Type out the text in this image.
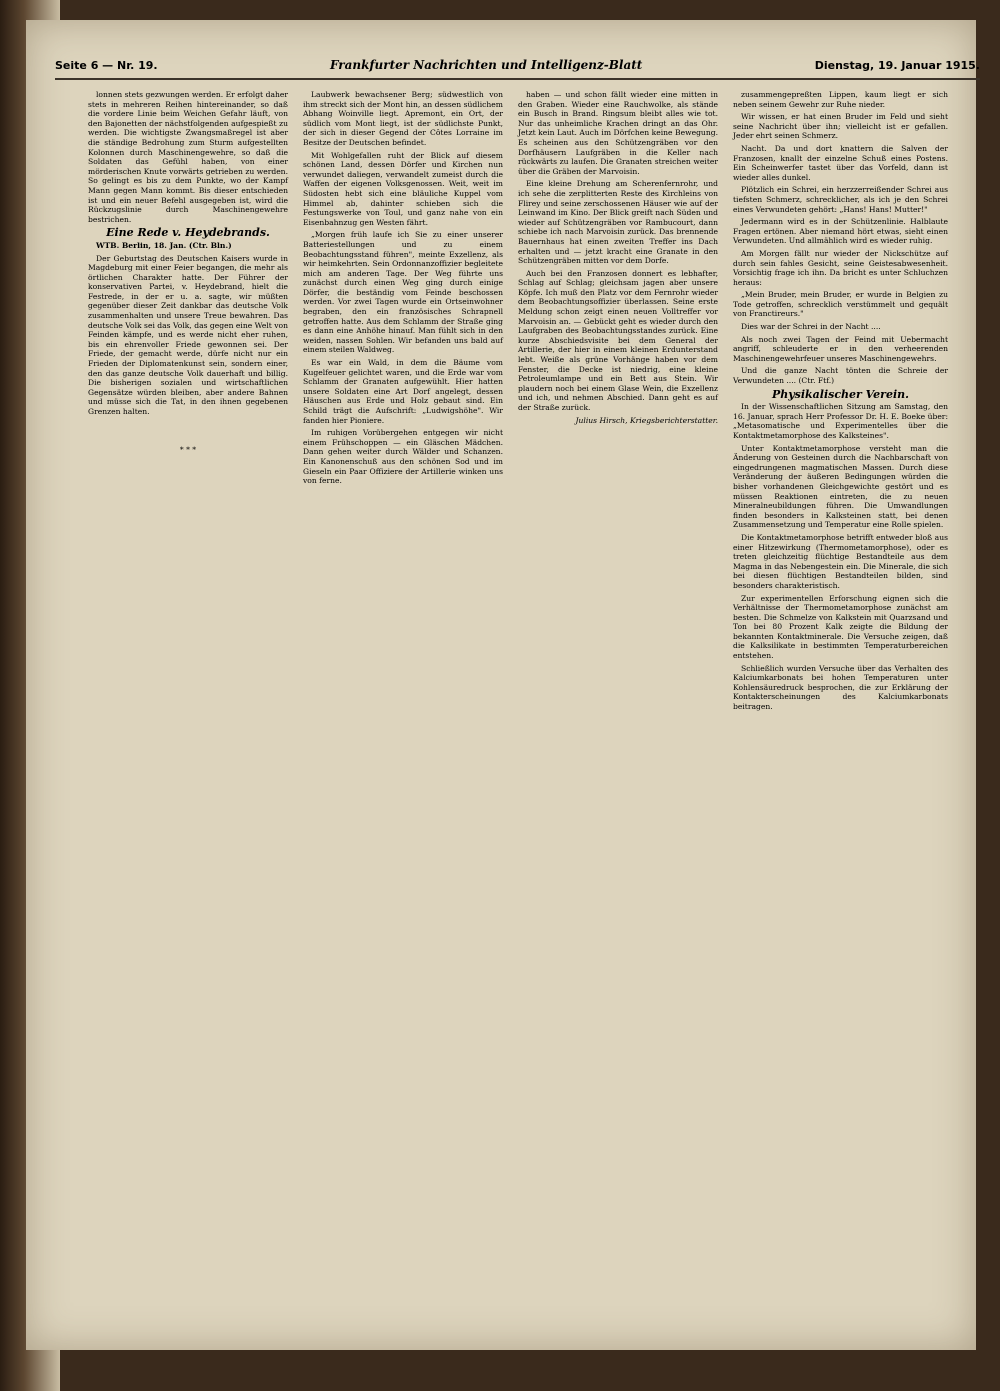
Seite 6 — Nr. 19.	Frankfurter Nachrichten und Intelligenz-Blatt	Dienstag, 19. Januar 1915.

lonnen stets gezwungen werden. Er erfolgt daher stets in mehreren Reihen hintereinander, so daß die vordere Linie beim Weichen Gefahr läuft, von den Bajonetten der nächstfolgenden aufgespießt zu werden. Die wichtigste Zwangsmaßregel ist aber die ständige Bedrohung zum Sturm aufgestellten Kolonnen durch Maschinengewehre, so daß die Soldaten das Gefühl haben, von einer mörderischen Knute vorwärts getrieben zu werden. So gelingt es bis zu dem Punkte, wo der Kampf Mann gegen Mann kommt. Bis dieser entschieden ist und ein neuer Befehl ausgegeben ist, wird die Rückzugslinie durch Maschinengewehre bestrichen.

Eine Rede v. Heydebrands.

WTB. Berlin, 18. Jan. (Ctr. Bln.)

Der Geburtstag des Deutschen Kaisers wurde in Magdeburg mit einer Feier begangen, die mehr als örtlichen Charakter hatte. Der Führer der konservativen Partei, v. Heydebrand, hielt die Festrede, in der er u. a. sagte, wir müßten gegenüber dieser Zeit dankbar das deutsche Volk zusammenhalten und unsere Treue bewahren. Das deutsche Volk sei das Volk, das gegen eine Welt von Feinden kämpfe, und es werde nicht eher ruhen, bis ein ehrenvoller Friede gewonnen sei. Der Friede, der gemacht werde, dürfe nicht nur ein Frieden der Diplomatenkunst sein, sondern einer, den das ganze deutsche Volk dauerhaft und billig. Die bisherigen sozialen und wirtschaftlichen Gegensätze würden bleiben, aber andere Bahnen und müsse sich die Tat, in den ihnen gegebenen Grenzen halten.

* * *

Laubwerk bewachsener Berg; südwestlich von ihm streckt sich der Mont hin, an dessen südlichem Abhang Woinville liegt. Apremont, ein Ort, der südlich vom Mont liegt, ist der südlichste Punkt, der sich in dieser Gegend der Côtes Lorraine im Besitze der Deutschen befindet.

Mit Wohlgefallen ruht der Blick auf diesem schönen Land, dessen Dörfer und Kirchen nun verwundet daliegen, verwandelt zumeist durch die Waffen der eigenen Volksgenossen. Weit, weit im Südosten hebt sich eine bläuliche Kuppel vom Himmel ab, dahinter schieben sich die Festungswerke von Toul, und ganz nahe von ein Eisenbahnzug gen Westen fährt.

„Morgen früh laufe ich Sie zu einer unserer Batteriestellungen und zu einem Beobachtungsstand führen", meinte Exzellenz, als wir heimkehrten. Sein Ordonnanzoffizier begleitete mich am anderen Tage. Der Weg führte uns zunächst durch einen Weg ging durch einige Dörfer, die beständig vom Feinde beschossen werden. Vor zwei Tagen wurde ein Ortseinwohner begraben, den ein französisches Schrapnell getroffen hatte. Aus dem Schlamm der Straße ging es dann eine Anhöhe hinauf. Man fühlt sich in den weiden, nassen Sohlen. Wir befanden uns bald auf einem steilen Waldweg.

Es war ein Wald, in dem die Bäume vom Kugelfeuer gelichtet waren, und die Erde war vom Schlamm der Granaten aufgewühlt. Hier hatten unsere Soldaten eine Art Dorf angelegt, dessen Häuschen aus Erde und Holz gebaut sind. Ein Schild trägt die Aufschrift: „Ludwigshöhe". Wir fanden hier Pioniere.

Im ruhigen Vorübergehen entgegen wir nicht einem Frühschoppen — ein Gläschen Mädchen. Dann gehen weiter durch Wälder und Schanzen. Ein Kanonenschuß aus den schönen Sod und im Gieseln ein Paar Offiziere der Artillerie winken uns von ferne.

haben — und schon fällt wieder eine mitten in den Graben. Wieder eine Rauchwolke, als stände ein Busch in Brand. Ringsum bleibt alles wie tot. Nur das unheimliche Krachen dringt an das Ohr. Jetzt kein Laut. Auch im Dörfchen keine Bewegung. Es scheinen aus den Schützengräben vor den Dorfhäusern Laufgräben in die Keller nach rückwärts zu laufen. Die Granaten streichen weiter über die Gräben der Marvoisin.

Eine kleine Drehung am Scherenfernrohr, und ich sehe die zerplitterten Reste des Kirchleins von Flirey und seine zerschossenen Häuser wie auf der Leinwand im Kino. Der Blick greift nach Süden und wieder auf Schützengräben vor Rambucourt, dann schiebe ich nach Marvoisin zurück. Das brennende Bauernhaus hat einen zweiten Treffer ins Dach erhalten und — jetzt kracht eine Granate in den Schützengräben mitten vor dem Dorfe.

Auch bei den Franzosen donnert es lebhafter, Schlag auf Schlag; gleichsam jagen aber unsere Köpfe. Ich muß den Platz vor dem Fernrohr wieder dem Beobachtungsoffizier überlassen. Seine erste Meldung schon zeigt einen neuen Volltreffer vor Marvoisin an. — Gebückt geht es wieder durch den Laufgraben des Beobachtungsstandes zurück. Eine kurze Abschiedsvisite bei dem General der Artillerie, der hier in einem kleinen Erdunterstand lebt. Weiße als grüne Vorhänge haben vor dem Fenster, die Decke ist niedrig, eine kleine Petroleumlampe und ein Bett aus Stein. Wir plaudern noch bei einem Glase Wein, die Exzellenz und ich, und nehmen Abschied. Dann geht es auf der Straße zurück.

Julius Hirsch, Kriegsberichterstatter.

zusammengepreßten Lippen, kaum liegt er sich neben seinem Gewehr zur Ruhe nieder.

Wir wissen, er hat einen Bruder im Feld und sieht seine Nachricht über ihn; vielleicht ist er gefallen. Jeder ehrt seinen Schmerz.

Nacht. Da und dort knattern die Salven der Franzosen, knallt der einzelne Schuß eines Postens. Ein Scheinwerfer tastet über das Vorfeld, dann ist wieder alles dunkel.

Plötzlich ein Schrei, ein herzzerreißender Schrei aus tiefsten Schmerz, schrecklicher, als ich je den Schrei eines Verwundeten gehört: „Hans! Hans! Mutter!"

Jedermann wird es in der Schützenlinie. Halblaute Fragen ertönen. Aber niemand hört etwas, sieht einen Verwundeten. Und allmählich wird es wieder ruhig.

Am Morgen fällt nur wieder der Nickschütze auf durch sein fahles Gesicht, seine Geistesabwesenheit. Vorsichtig frage ich ihn. Da bricht es unter Schluchzen heraus:

„Mein Bruder, mein Bruder, er wurde in Belgien zu Tode getroffen, schrecklich verstümmelt und gequält von Franctireurs."

Dies war der Schrei in der Nacht ....

Als noch zwei Tagen der Feind mit Uebermacht angriff, schleuderte er in den verheerenden Maschinengewehrfeuer unseres Maschinengewehrs.

Und die ganze Nacht tönten die Schreie der Verwundeten .... (Ctr. Ftf.)

Physikalischer Verein.

In der Wissenschaftlichen Sitzung am Samstag, den 16. Januar, sprach Herr Professor Dr. H. E. Boeke über: „Metasomatische und Experimentelles über die Kontaktmetamorphose des Kalksteines".

Unter Kontaktmetamorphose versteht man die Änderung von Gesteinen durch die Nachbarschaft von eingedrungenen magmatischen Massen. Durch diese Veränderung der äußeren Bedingungen würden die bisher vorhandenen Gleichgewichte gestört und es müssen Reaktionen eintreten, die zu neuen Mineralneubildungen führen. Die Umwandlungen finden besonders in Kalksteinen statt, bei denen Zusammensetzung und Temperatur eine Rolle spielen.

Die Kontaktmetamorphose betrifft entweder bloß aus einer Hitzewirkung (Thermometamorphose), oder es treten gleichzeitig flüchtige Bestandteile aus dem Magma in das Nebengestein ein. Die Minerale, die sich bei diesen flüchtigen Bestandteilen bilden, sind besonders charakteristisch.

Zur experimentellen Erforschung eignen sich die Verhältnisse der Thermometamorphose zunächst am besten. Die Schmelze von Kalkstein mit Quarzsand und Ton bei 80 Prozent Kalk zeigte die Bildung der bekannten Kontaktminerale. Die Versuche zeigen, daß die Kalksilikate in bestimmten Temperaturbereichen entstehen.

Schließlich wurden Versuche über das Verhalten des Kalciumkarbonats bei hohen Temperaturen unter Kohlensäuredruck besprochen, die zur Erklärung der Kontakterscheinungen des Kalciumkarbonats beitragen.
